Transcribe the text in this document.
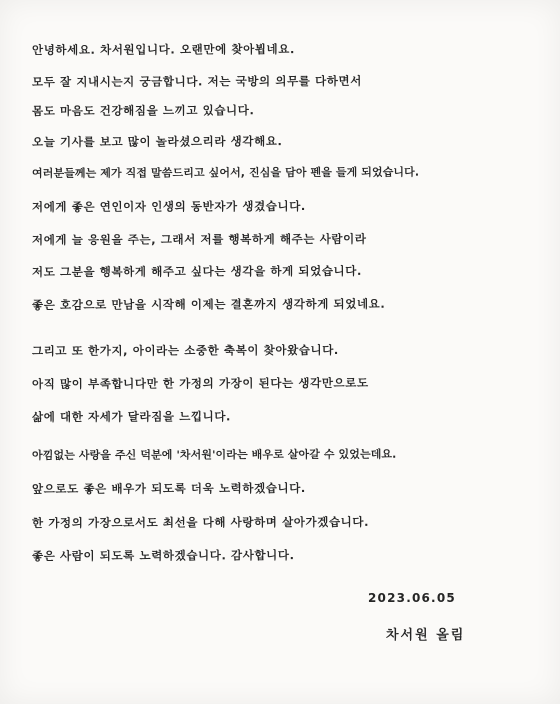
안녕하세요. 차서원입니다. 오랜만에 찾아뵙네요.
모두 잘 지내시는지 궁금합니다. 저는 국방의 의무를 다하면서
몸도 마음도 건강해짐을 느끼고 있습니다.
오늘 기사를 보고 많이 놀라셨으리라 생각해요.
여러분들께는 제가 직접 말씀드리고 싶어서, 진심을 담아 펜을 들게 되었습니다.
저에게 좋은 연인이자 인생의 동반자가 생겼습니다.
저에게 늘 응원을 주는, 그래서 저를 행복하게 해주는 사람이라
저도 그분을 행복하게 해주고 싶다는 생각을 하게 되었습니다.
좋은 호감으로 만남을 시작해 이제는 결혼까지 생각하게 되었네요.
그리고 또 한가지, 아이라는 소중한 축복이 찾아왔습니다.
아직 많이 부족합니다만 한 가정의 가장이 된다는 생각만으로도
삶에 대한 자세가 달라짐을 느낍니다.
아낌없는 사랑을 주신 덕분에 '차서원'이라는 배우로 살아갈 수 있었는데요.
앞으로도 좋은 배우가 되도록 더욱 노력하겠습니다.
한 가정의 가장으로서도 최선을 다해 사랑하며 살아가겠습니다.
좋은 사람이 되도록 노력하겠습니다. 감사합니다.
2023.06.05
차서원 올림
